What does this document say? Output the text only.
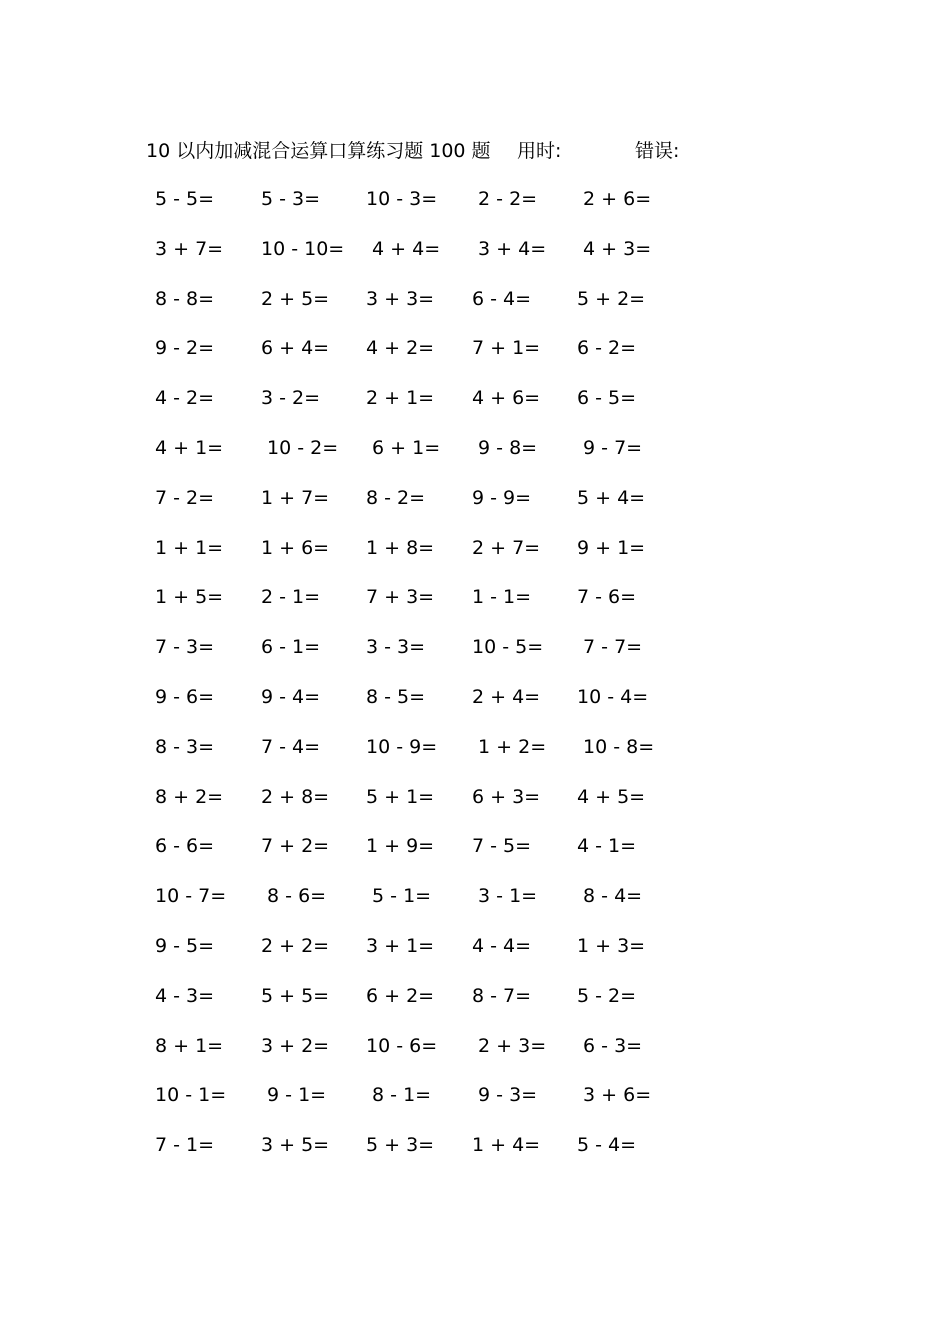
10 以内加减混合运算口算练习题 100 题 用时:	错误:
5 - 5= 5 - 3= 10 - 3= 2 - 2= 2 + 6=
3 + 7= 10 - 10= 4 + 4= 3 + 4= 4 + 3=
8 - 8= 2 + 5= 3 + 3= 6 - 4= 5 + 2=
9 - 2= 6 + 4= 4 + 2= 7 + 1= 6 - 2=
4 - 2= 3 - 2= 2 + 1= 4 + 6= 6 - 5=
4 + 1= 10 - 2= 6 + 1= 9 - 8= 9 - 7=
7 - 2= 1 + 7= 8 - 2= 9 - 9= 5 + 4=
1 + 1= 1 + 6= 1 + 8= 2 + 7= 9 + 1=
1 + 5= 2 - 1= 7 + 3= 1 - 1= 7 - 6=
7 - 3= 6 - 1= 3 - 3= 10 - 5= 7 - 7=
9 - 6= 9 - 4= 8 - 5= 2 + 4= 10 - 4=
8 - 3= 7 - 4= 10 - 9= 1 + 2= 10 - 8=
8 + 2= 2 + 8= 5 + 1= 6 + 3= 4 + 5=
6 - 6= 7 + 2= 1 + 9= 7 - 5= 4 - 1=
10 - 7= 8 - 6= 5 - 1= 3 - 1= 8 - 4=
9 - 5= 2 + 2= 3 + 1= 4 - 4= 1 + 3=
4 - 3= 5 + 5= 6 + 2= 8 - 7= 5 - 2=
8 + 1= 3 + 2= 10 - 6= 2 + 3= 6 - 3=
10 - 1= 9 - 1= 8 - 1= 9 - 3= 3 + 6=
7 - 1= 3 + 5= 5 + 3= 1 + 4= 5 - 4=
